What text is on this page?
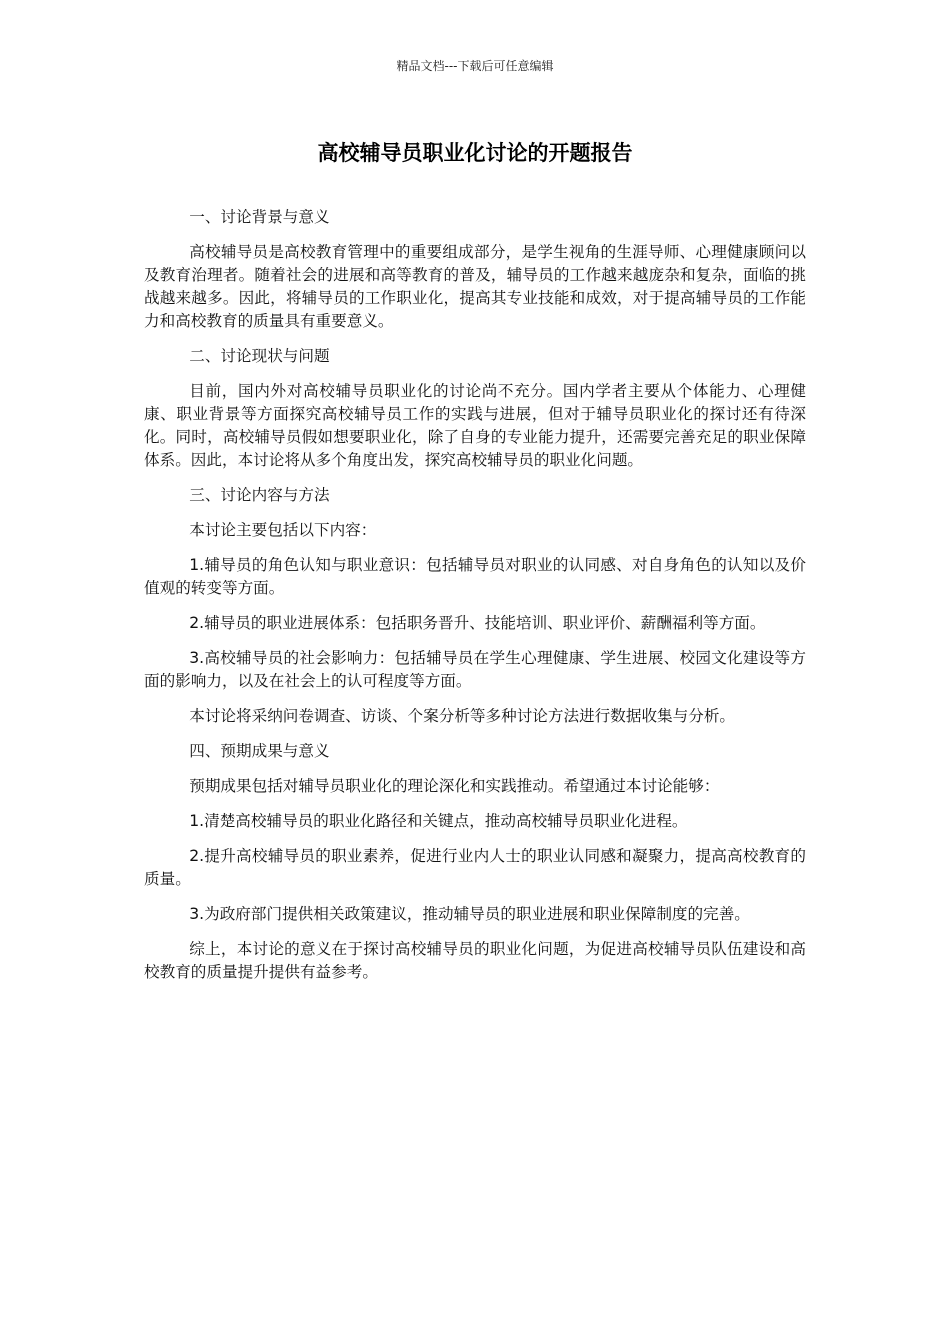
精品文档---下载后可任意编辑
高校辅导员职业化讨论的开题报告

一、讨论背景与意义

高校辅导员是高校教育管理中的重要组成部分，是学生视角的生涯导师、心理健康顾问以及教育治理者。随着社会的进展和高等教育的普及，辅导员的工作越来越庞杂和复杂，面临的挑战越来越多。因此，将辅导员的工作职业化，提高其专业技能和成效，对于提高辅导员的工作能力和高校教育的质量具有重要意义。

二、讨论现状与问题

目前，国内外对高校辅导员职业化的讨论尚不充分。国内学者主要从个体能力、心理健康、职业背景等方面探究高校辅导员工作的实践与进展，但对于辅导员职业化的探讨还有待深化。同时，高校辅导员假如想要职业化，除了自身的专业能力提升，还需要完善充足的职业保障体系。因此，本讨论将从多个角度出发，探究高校辅导员的职业化问题。

三、讨论内容与方法

本讨论主要包括以下内容：

1.辅导员的角色认知与职业意识：包括辅导员对职业的认同感、对自身角色的认知以及价值观的转变等方面。

2.辅导员的职业进展体系：包括职务晋升、技能培训、职业评价、薪酬福利等方面。

3.高校辅导员的社会影响力：包括辅导员在学生心理健康、学生进展、校园文化建设等方面的影响力，以及在社会上的认可程度等方面。

本讨论将采纳问卷调查、访谈、个案分析等多种讨论方法进行数据收集与分析。

四、预期成果与意义

预期成果包括对辅导员职业化的理论深化和实践推动。希望通过本讨论能够：

1.清楚高校辅导员的职业化路径和关键点，推动高校辅导员职业化进程。

2.提升高校辅导员的职业素养，促进行业内人士的职业认同感和凝聚力，提高高校教育的质量。

3.为政府部门提供相关政策建议，推动辅导员的职业进展和职业保障制度的完善。

综上，本讨论的意义在于探讨高校辅导员的职业化问题，为促进高校辅导员队伍建设和高校教育的质量提升提供有益参考。
